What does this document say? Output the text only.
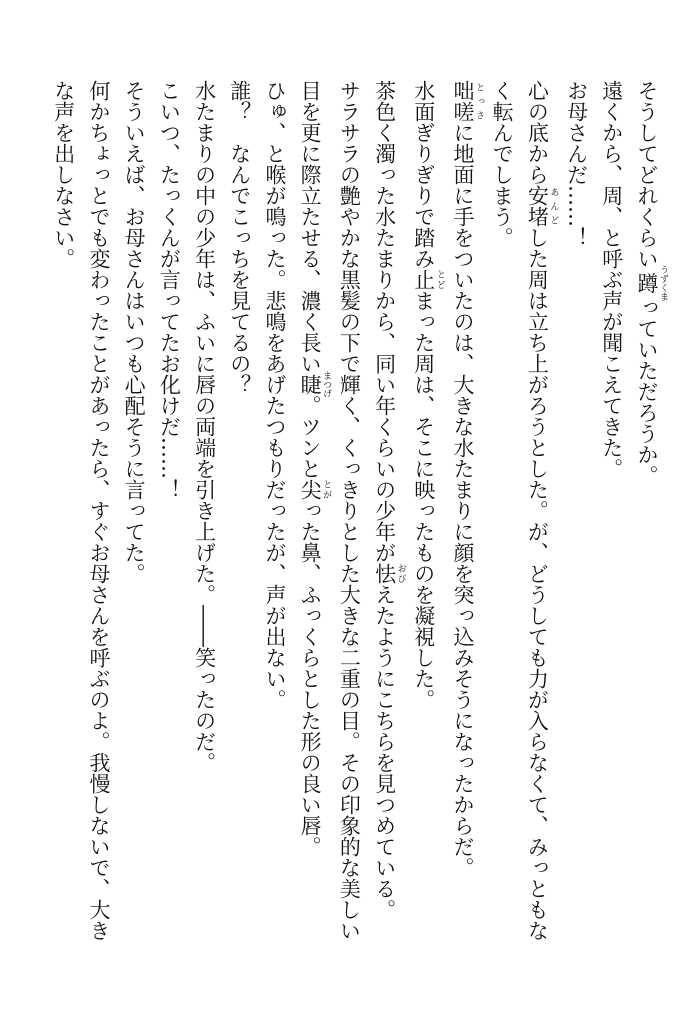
そうしてどれくらい蹲 うずくまっていただろうか。
遠くから、周、と呼ぶ声が聞こえてきた。
お母さんだ……！
心の底から安堵 あんどした周は立ち上がろうとした。が、どうしても力が入らなくて、みっともな
く転んでしまう。
咄嗟 とっさに地面に手をついたのは、大きな水たまりに顔を突っ込みそうになったからだ。
水面ぎりぎりで踏み止 とどまった周は、そこに映ったものを凝視した。
茶色く濁った水たまりから、同い年くらいの少年が怯 おびえたようにこちらを見つめている。
サラサラの艶やかな黒髪の下で輝く、くっきりとした大きな二重の目。その印象的な美しい
目を更に際立たせる、濃く長い睫 まつげ。ツンと尖 とがった鼻、ふっくらとした形の良い唇。
ひゅ、と喉が鳴った。悲鳴をあげたつもりだったが、声が出ない。
誰？　なんでこっちを見てるの？
水たまりの中の少年は、ふいに唇の両端を引き上げた。――笑ったのだ。
こいつ、たっくんが言ってたお化けだ……！
そういえば、お母さんはいつも心配そうに言ってた。
何かちょっとでも変わったことがあったら、すぐお母さんを呼ぶのよ。我慢しないで、大き
な声を出しなさい。
